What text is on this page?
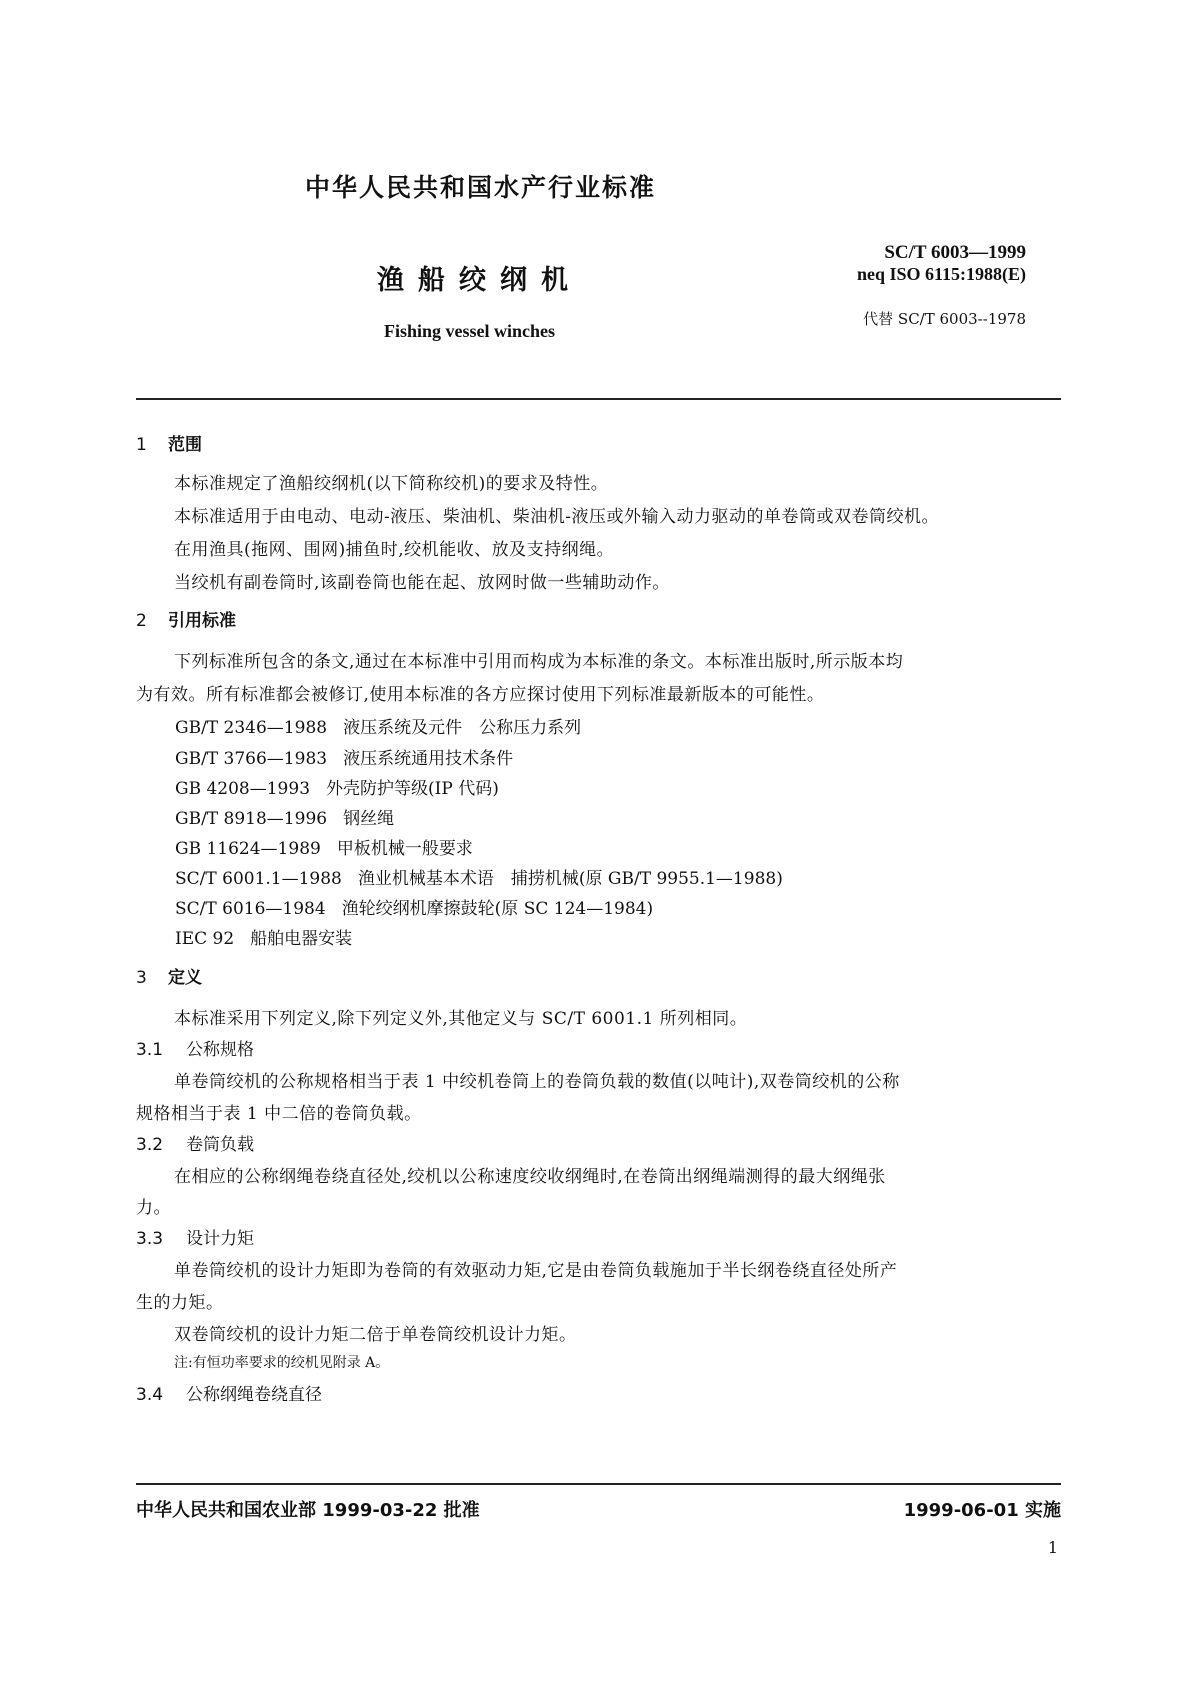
中华人民共和国水产行业标准
渔船绞纲机
Fishing vessel winches
SC/T 6003—1999
neq ISO 6115:1988(E)
代替 SC/T 6003--1978
1 范围
本标准规定了渔船绞纲机(以下简称绞机)的要求及特性。
本标准适用于由电动、电动-液压、柴油机、柴油机-液压或外输入动力驱动的单卷筒或双卷筒绞机。
在用渔具(拖网、围网)捕鱼时,绞机能收、放及支持纲绳。
当绞机有副卷筒时,该副卷筒也能在起、放网时做一些辅助动作。
2 引用标准
下列标准所包含的条文,通过在本标准中引用而构成为本标准的条文。本标准出版时,所示版本均
为有效。所有标准都会被修订,使用本标准的各方应探讨使用下列标准最新版本的可能性。
GB/T 2346—1988 液压系统及元件　公称压力系列
GB/T 3766—1983 液压系统通用技术条件
GB 4208—1993 外壳防护等级(IP 代码)
GB/T 8918—1996 钢丝绳
GB 11624—1989 甲板机械一般要求
SC/T 6001.1—1988 渔业机械基本术语　捕捞机械(原 GB/T 9955.1—1988)
SC/T 6016—1984 渔轮绞纲机摩擦鼓轮(原 SC 124—1984)
IEC 92 船舶电器安装
3 定义
本标准采用下列定义,除下列定义外,其他定义与 SC/T 6001.1 所列相同。
3.1 公称规格
单卷筒绞机的公称规格相当于表 1 中绞机卷筒上的卷筒负载的数值(以吨计),双卷筒绞机的公称
规格相当于表 1 中二倍的卷筒负载。
3.2 卷筒负载
在相应的公称纲绳卷绕直径处,绞机以公称速度绞收纲绳时,在卷筒出纲绳端测得的最大纲绳张
力。
3.3 设计力矩
单卷筒绞机的设计力矩即为卷筒的有效驱动力矩,它是由卷筒负载施加于半长纲卷绕直径处所产
生的力矩。
双卷筒绞机的设计力矩二倍于单卷筒绞机设计力矩。
注:有恒功率要求的绞机见附录 A。
3.4 公称纲绳卷绕直径
中华人民共和国农业部 1999-03-22 批准	1999-06-01 实施
1
